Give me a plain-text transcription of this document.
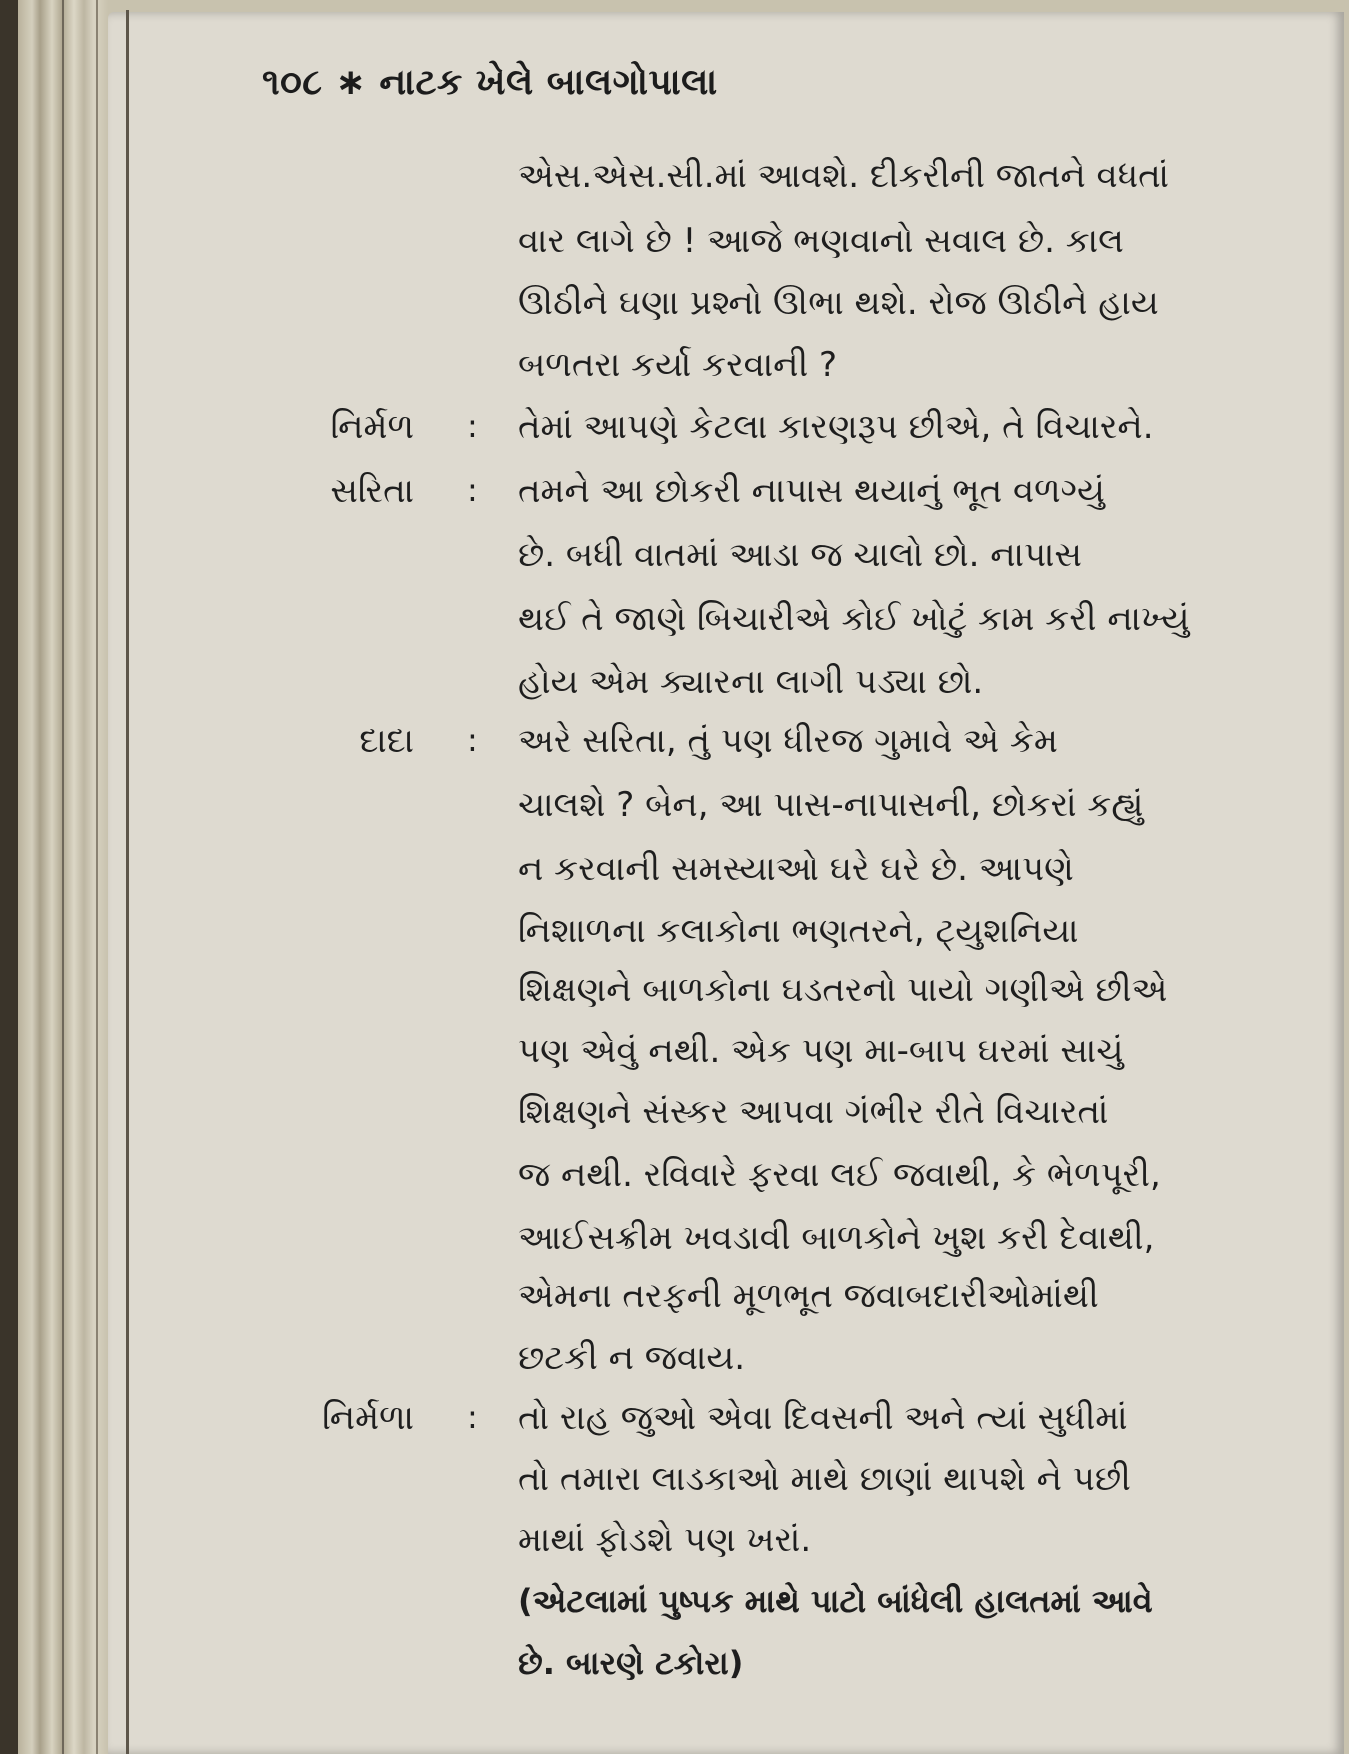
૧૦૮ ∗ નાટક ખેલે બાલગોપાલા
એસ.એસ.સી.માં આવશે. દીકરીની જાતને વધતાં
વાર લાગે છે ! આજે ભણવાનો સવાલ છે. કાલ
ઊઠીને ઘણા પ્રશ્નો ઊભા થશે. રોજ ઊઠીને હાય
બળતરા કર્યા કરવાની ?
નિર્મળ : તેમાં આપણે કેટલા કારણરૂપ છીએ, તે વિચારને.
સરિતા : તમને આ છોકરી નાપાસ થયાનું ભૂત વળગ્યું
છે. બધી વાતમાં આડા જ ચાલો છો. નાપાસ
થઈ તે જાણે બિચારીએ કોઈ ખોટું કામ કરી નાખ્યું
હોય એમ ક્યારના લાગી પડ્યા છો.
દાદા : અરે સરિતા, તું પણ ધીરજ ગુમાવે એ કેમ
ચાલશે ? બેન, આ પાસ-નાપાસની, છોકરાં કહ્યું
ન કરવાની સમસ્યાઓ ઘરે ઘરે છે. આપણે
નિશાળના કલાકોના ભણતરને, ટ્યુશનિયા
શિક્ષણને બાળકોના ઘડતરનો પાયો ગણીએ છીએ
પણ એવું નથી. એક પણ મા-બાપ ઘરમાં સાચું
શિક્ષણને સંસ્કર આપવા ગંભીર રીતે વિચારતાં
જ નથી. રવિવારે ફરવા લઈ જવાથી, કે ભેળપૂરી,
આઈસક્રીમ ખવડાવી બાળકોને ખુશ કરી દેવાથી,
એમના તરફની મૂળભૂત જવાબદારીઓમાંથી
છટકી ન જવાય.
નિર્મળા : તો રાહ જુઓ એવા દિવસની અને ત્યાં સુધીમાં
તો તમારા લાડકાઓ માથે છાણાં થાપશે ને પછી
માથાં ફોડશે પણ ખરાં.
(એટલામાં પુષ્પક માથે પાટો બાંધેલી હાલતમાં આવે
છે. બારણે ટકોરા)
